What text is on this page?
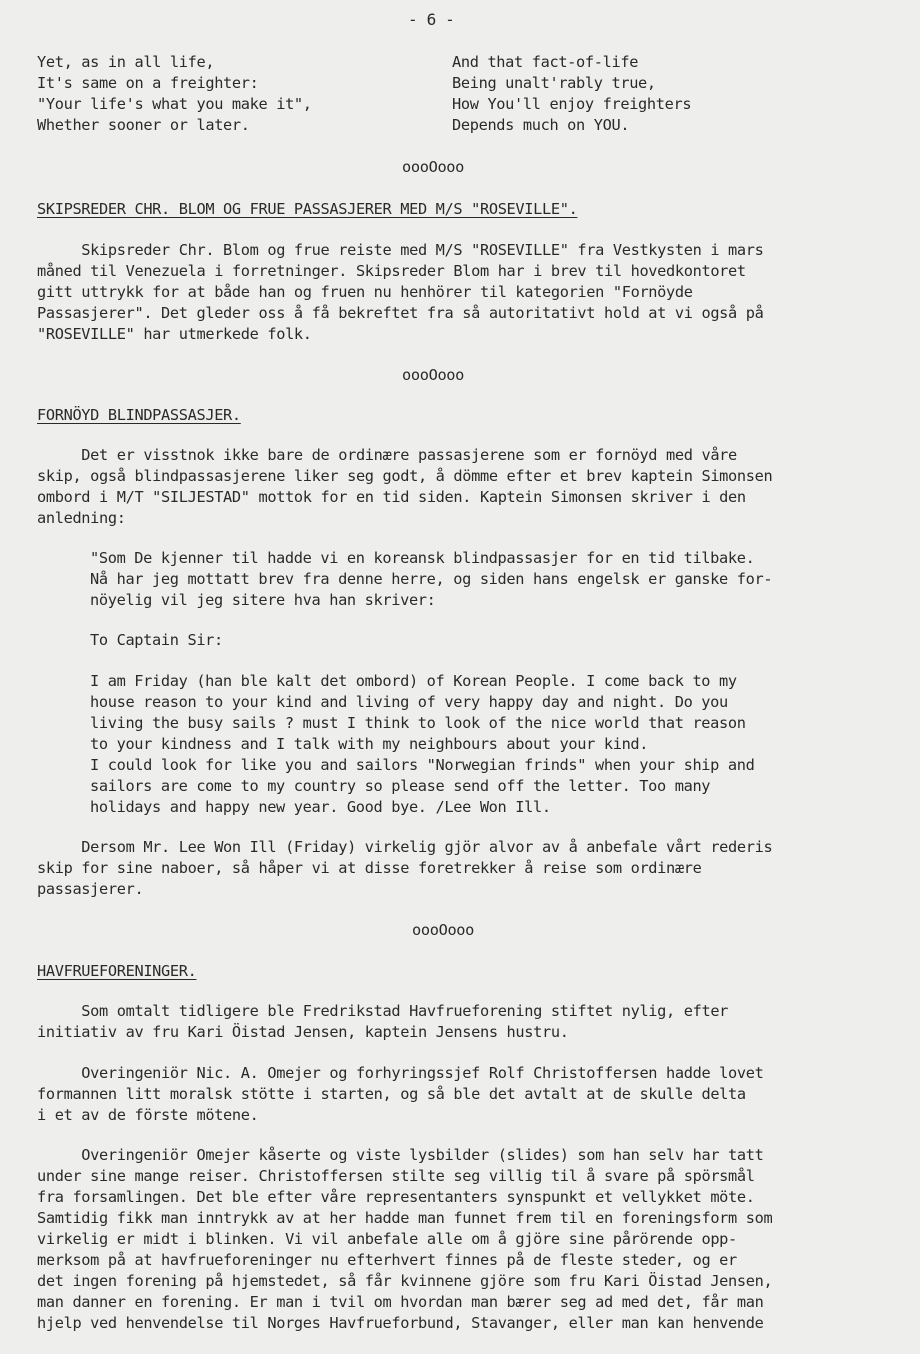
- 6 -
Yet, as in all life,
It's same on a freighter:
"Your life's what you make it",
Whether sooner or later.
And that fact-of-life
Being unalt'rably true,
How You'll enjoy freighters
Depends much on YOU.
oooOooo
SKIPSREDER CHR. BLOM OG FRUE PASSASJERER MED M/S "ROSEVILLE".
Skipsreder Chr. Blom og frue reiste med M/S "ROSEVILLE" fra Vestkysten i mars
måned til Venezuela i forretninger. Skipsreder Blom har i brev til hovedkontoret
gitt uttrykk for at både han og fruen nu henhörer til kategorien "Fornöyde
Passasjerer". Det gleder oss å få bekreftet fra så autoritativt hold at vi også på
"ROSEVILLE" har utmerkede folk.
oooOooo
FORNÖYD BLINDPASSASJER.
Det er visstnok ikke bare de ordinære passasjerene som er fornöyd med våre
skip, også blindpassasjerene liker seg godt, å dömme efter et brev kaptein Simonsen
ombord i M/T "SILJESTAD" mottok for en tid siden. Kaptein Simonsen skriver i den
anledning:
"Som De kjenner til hadde vi en koreansk blindpassasjer for en tid tilbake.
Nå har jeg mottatt brev fra denne herre, og siden hans engelsk er ganske for-
nöyelig vil jeg sitere hva han skriver:
To Captain Sir:
I am Friday (han ble kalt det ombord) of Korean People. I come back to my
house reason to your kind and living of very happy day and night. Do you
living the busy sails ? must I think to look of the nice world that reason
to your kindness and I talk with my neighbours about your kind.
I could look for like you and sailors "Norwegian frinds" when your ship and
sailors are come to my country so please send off the letter. Too many
holidays and happy new year. Good bye. /Lee Won Ill.
Dersom Mr. Lee Won Ill (Friday) virkelig gjör alvor av å anbefale vårt rederis
skip for sine naboer, så håper vi at disse foretrekker å reise som ordinære
passasjerer.
oooOooo
HAVFRUEFORENINGER.
Som omtalt tidligere ble Fredrikstad Havfrueforening stiftet nylig, efter
initiativ av fru Kari Öistad Jensen, kaptein Jensens hustru.
Overingeniör Nic. A. Omejer og forhyringssjef Rolf Christoffersen hadde lovet
formannen litt moralsk stötte i starten, og så ble det avtalt at de skulle delta
i et av de förste mötene.
Overingeniör Omejer kåserte og viste lysbilder (slides) som han selv har tatt
under sine mange reiser. Christoffersen stilte seg villig til å svare på spörsmål
fra forsamlingen. Det ble efter våre representanters synspunkt et vellykket möte.
Samtidig fikk man inntrykk av at her hadde man funnet frem til en foreningsform som
virkelig er midt i blinken. Vi vil anbefale alle om å gjöre sine pårörende opp-
merksom på at havfrueforeninger nu efterhvert finnes på de fleste steder, og er
det ingen forening på hjemstedet, så får kvinnene gjöre som fru Kari Öistad Jensen,
man danner en forening. Er man i tvil om hvordan man bærer seg ad med det, får man
hjelp ved henvendelse til Norges Havfrueforbund, Stavanger, eller man kan henvende
